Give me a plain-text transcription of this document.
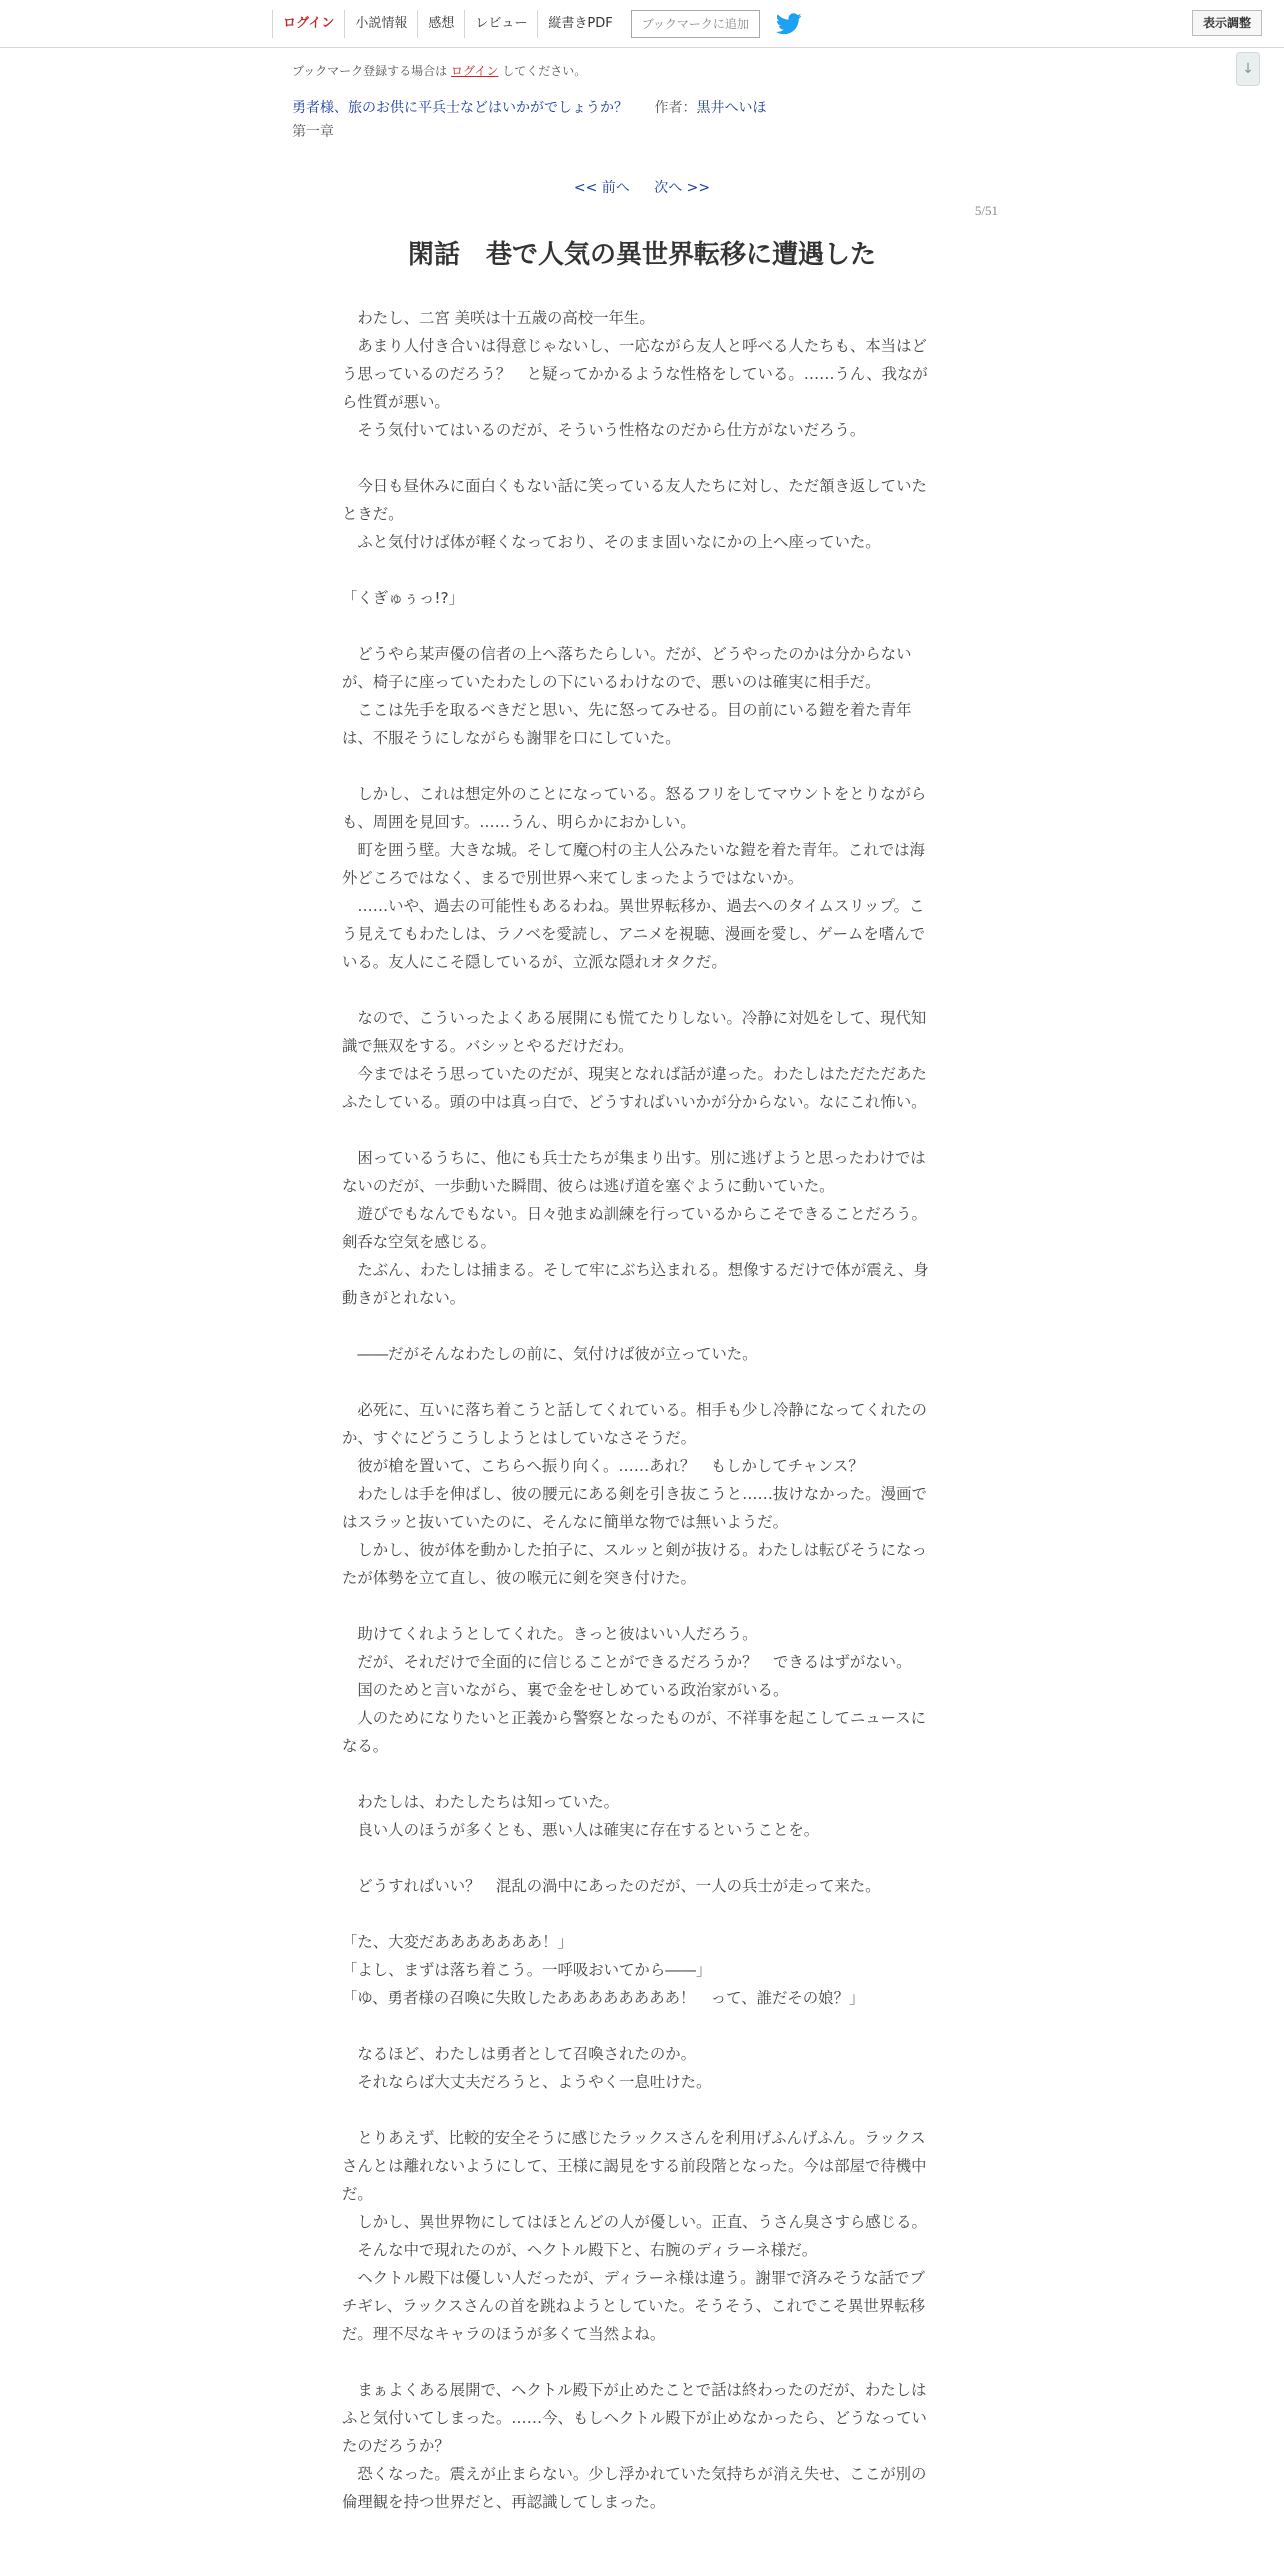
ログイン	小説情報	感想	レビュー	縦書きPDF	ブックマークに追加	表示調整
↓
ブックマーク登録する場合は ログイン してください。
勇者様、旅のお供に平兵士などはいかがでしょうか？ 作者：黒井へいほ
第一章
<< 前へ 次へ >>
5/51
閑話　巷で人気の異世界転移に遭遇した

　わたし、二宮 美咲は十五歳の高校一年生。

　あまり人付き合いは得意じゃないし、一応ながら友人と呼べる人たちも、本当はどう思っているのだろう？　と疑ってかかるような性格をしている。……うん、我ながら性質が悪い。

　そう気付いてはいるのだが、そういう性格なのだから仕方がないだろう。

　今日も昼休みに面白くもない話に笑っている友人たちに対し、ただ頷き返していたときだ。

　ふと気付けば体が軽くなっており、そのまま固いなにかの上へ座っていた。

「くぎゅぅっ!?」

　どうやら某声優の信者の上へ落ちたらしい。だが、どうやったのかは分からないが、椅子に座っていたわたしの下にいるわけなので、悪いのは確実に相手だ。

　ここは先手を取るべきだと思い、先に怒ってみせる。目の前にいる鎧を着た青年は、不服そうにしながらも謝罪を口にしていた。

　しかし、これは想定外のことになっている。怒るフリをしてマウントをとりながらも、周囲を見回す。……うん、明らかにおかしい。

　町を囲う壁。大きな城。そして魔○村の主人公みたいな鎧を着た青年。これでは海外どころではなく、まるで別世界へ来てしまったようではないか。

　……いや、過去の可能性もあるわね。異世界転移か、過去へのタイムスリップ。こう見えてもわたしは、ラノベを愛読し、アニメを視聴、漫画を愛し、ゲームを嗜んでいる。友人にこそ隠しているが、立派な隠れオタクだ。

　なので、こういったよくある展開にも慌てたりしない。冷静に対処をして、現代知識で無双をする。バシッとやるだけだわ。

　今まではそう思っていたのだが、現実となれば話が違った。わたしはただただあたふたしている。頭の中は真っ白で、どうすればいいかが分からない。なにこれ怖い。

　困っているうちに、他にも兵士たちが集まり出す。別に逃げようと思ったわけではないのだが、一歩動いた瞬間、彼らは逃げ道を塞ぐように動いていた。

　遊びでもなんでもない。日々弛まぬ訓練を行っているからこそできることだろう。剣呑な空気を感じる。

　たぶん、わたしは捕まる。そして牢にぶち込まれる。想像するだけで体が震え、身動きがとれない。

　――だがそんなわたしの前に、気付けば彼が立っていた。

　必死に、互いに落ち着こうと話してくれている。相手も少し冷静になってくれたのか、すぐにどうこうしようとはしていなさそうだ。

　彼が槍を置いて、こちらへ振り向く。……あれ？　もしかしてチャンス？

　わたしは手を伸ばし、彼の腰元にある剣を引き抜こうと……抜けなかった。漫画ではスラッと抜いていたのに、そんなに簡単な物では無いようだ。

　しかし、彼が体を動かした拍子に、スルッと剣が抜ける。わたしは転びそうになったが体勢を立て直し、彼の喉元に剣を突き付けた。

　助けてくれようとしてくれた。きっと彼はいい人だろう。

　だが、それだけで全面的に信じることができるだろうか？　できるはずがない。

　国のためと言いながら、裏で金をせしめている政治家がいる。

　人のためになりたいと正義から警察となったものが、不祥事を起こしてニュースになる。

　わたしは、わたしたちは知っていた。

　良い人のほうが多くとも、悪い人は確実に存在するということを。

　どうすればいい？　混乱の渦中にあったのだが、一人の兵士が走って来た。

「た、大変だあああああああ！」

「よし、まずは落ち着こう。一呼吸おいてから――」

「ゆ、勇者様の召喚に失敗したああああああああ！　って、誰だその娘？」

　なるほど、わたしは勇者として召喚されたのか。

　それならば大丈夫だろうと、ようやく一息吐けた。

　とりあえず、比較的安全そうに感じたラックスさんを利用げふんげふん。ラックスさんとは離れないようにして、王様に謁見をする前段階となった。今は部屋で待機中だ。

　しかし、異世界物にしてはほとんどの人が優しい。正直、うさん臭さすら感じる。

　そんな中で現れたのが、ヘクトル殿下と、右腕のディラーネ様だ。

　ヘクトル殿下は優しい人だったが、ディラーネ様は違う。謝罪で済みそうな話でブチギレ、ラックスさんの首を跳ねようとしていた。そうそう、これでこそ異世界転移だ。理不尽なキャラのほうが多くて当然よね。

　まぁよくある展開で、ヘクトル殿下が止めたことで話は終わったのだが、わたしはふと気付いてしまった。……今、もしヘクトル殿下が止めなかったら、どうなっていたのだろうか？

　恐くなった。震えが止まらない。少し浮かれていた気持ちが消え失せ、ここが別の倫理観を持つ世界だと、再認識してしまった。
